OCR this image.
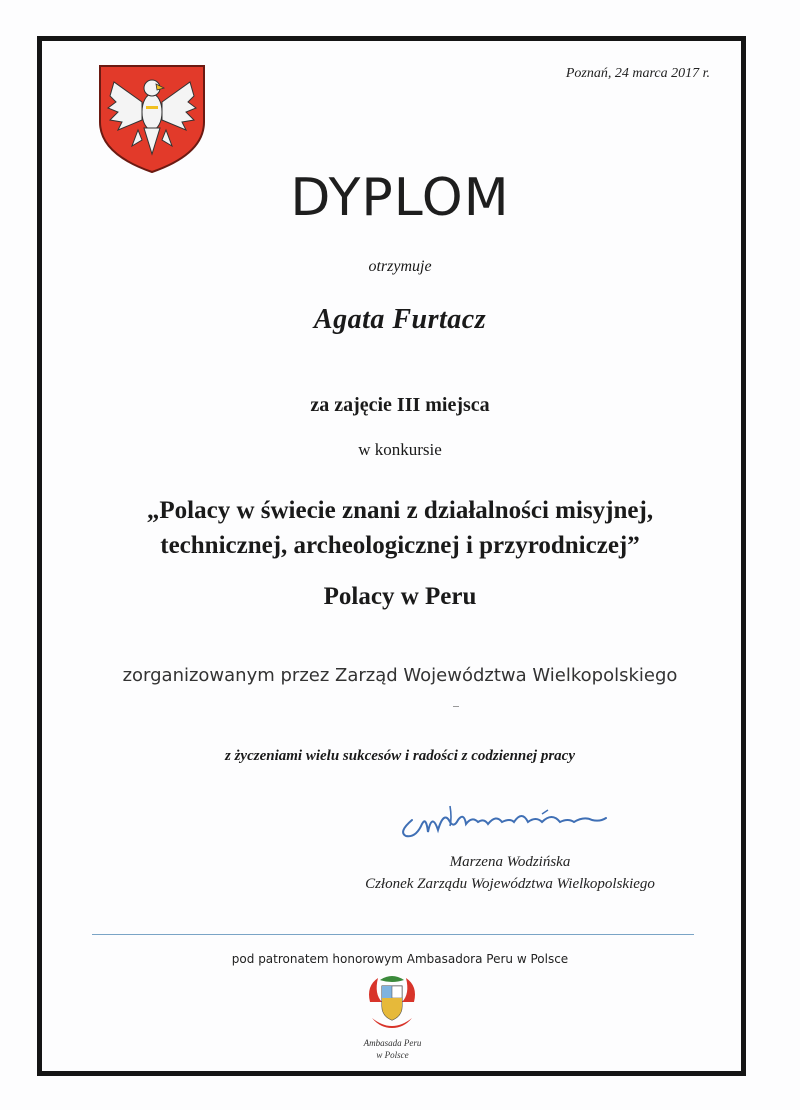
Poznań, 24 marca 2017 r.
DYPLOM
otrzymuje
Agata Furtacz
za zajęcie III miejsca
w konkursie
„Polacy w świecie znani z działalności misyjnej,
technicznej, archeologicznej i przyrodniczej”
Polacy w Peru
zorganizowanym przez Zarząd Województwa Wielkopolskiego
z życzeniami wielu sukcesów i radości z codziennej pracy
Marzena Wodzińska
Członek Zarządu Województwa Wielkopolskiego
pod patronatem honorowym Ambasadora Peru w Polsce
Ambasada Peru
w Polsce
